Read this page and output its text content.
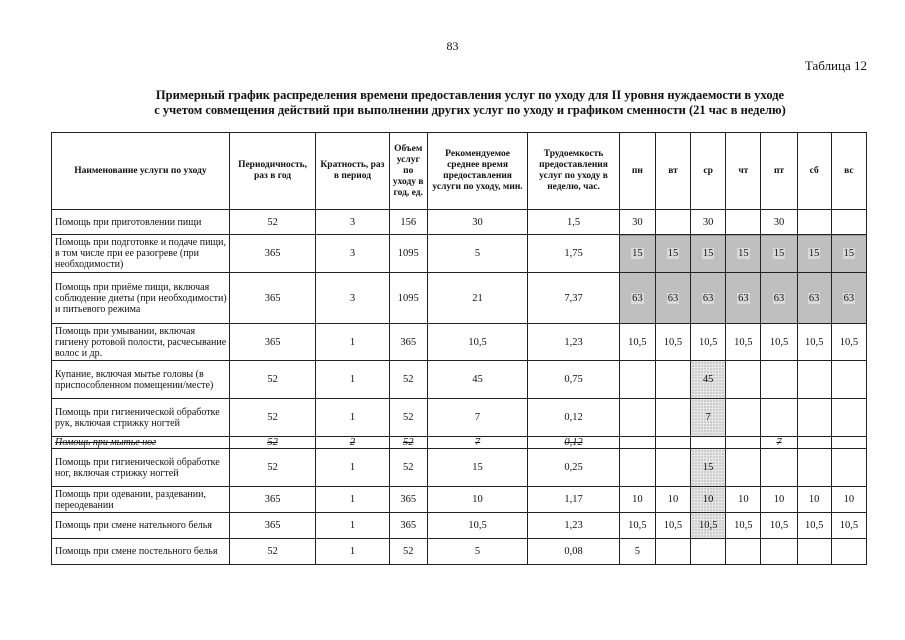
83
Таблица 12
Примерный график распределения времени предоставления услуг по уходу для II уровня нуждаемости в уходе
с учетом совмещения действий при выполнении других услуг по уходу и графиком сменности (21 час в неделю)
Наименование услуги по уходу	Периодичность, раз в год	Кратность, раз в период	Объем услуг по уходу в год, ед.	Рекомендуемое среднее время предоставления услуги по уходу, мин.	Трудоемкость предоставления услуг по уходу в неделю, час.	пн	вт	ср	чт	пт	сб	вс
Помощь при приготовлении пищи	52	3	156	30	1,5	30		30		30		
Помощь при подготовке и подаче пищи, в том числе при ее разогреве (при необходимости)	365	3	1095	5	1,75	15	15	15	15	15	15	15
Помощь при приёме пищи, включая соблюдение диеты (при необходимости) и питьевого режима	365	3	1095	21	7,37	63	63	63	63	63	63	63
Помощь при умывании, включая гигиену ротовой полости, расчесывание волос и др.	365	1	365	10,5	1,23	10,5	10,5	10,5	10,5	10,5	10,5	10,5
Купание, включая мытье головы (в приспособленном помещении/месте)	52	1	52	45	0,75			45				
Помощь при гигиенической обработке рук, включая стрижку ногтей	52	1	52	7	0,12			7				
Помощь при мытье ног	52	2	52	7	0,12					7		
Помощь при гигиенической обработке ног, включая стрижку ногтей	52	1	52	15	0,25			15				
Помощь при одевании, раздевании, переодевании	365	1	365	10	1,17	10	10	10	10	10	10	10
Помощь при смене нательного белья	365	1	365	10,5	1,23	10,5	10,5	10,5	10,5	10,5	10,5	10,5
Помощь при смене постельного белья	52	1	52	5	0,08	5						
